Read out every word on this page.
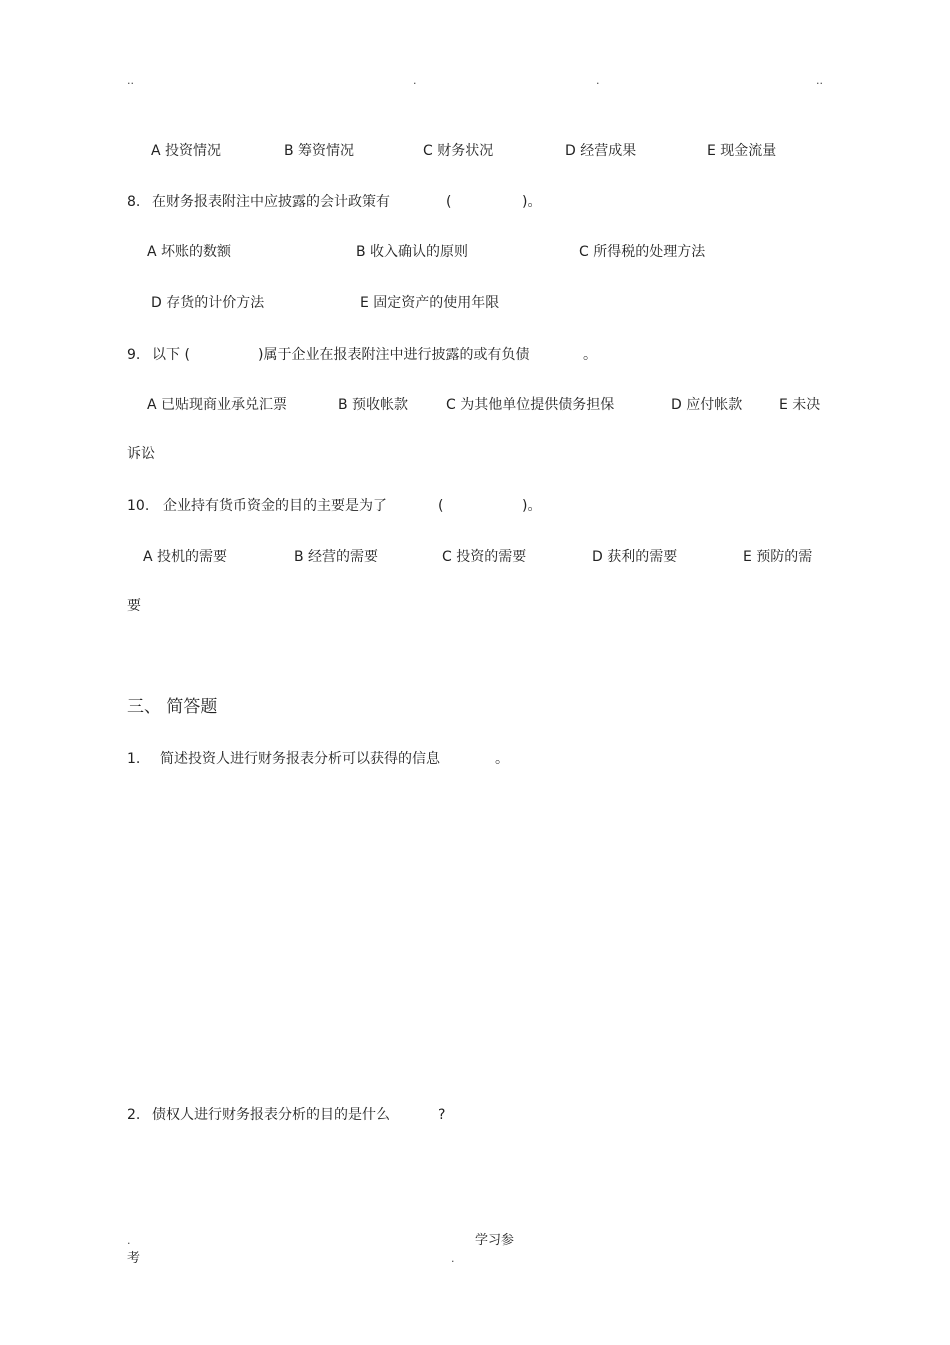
..	.	.	..
A 投资情况	B 筹资情况	C 财务状况	D 经营成果	E 现金流量
8. 在财务报表附注中应披露的会计政策有	(	)。
A 坏账的数额	B 收入确认的原则	C 所得税的处理方法
D 存货的计价方法	E 固定资产的使用年限
9. 以下 (	)属于企业在报表附注中进行披露的或有负债	。
A 已贴现商业承兑汇票	B 预收帐款	C 为其他单位提供债务担保	D 应付帐款	E 未决
诉讼
10. 企业持有货币资金的目的主要是为了	(	)。
A 投机的需要	B 经营的需要	C 投资的需要	D 获利的需要	E 预防的需
要
三、 简答题
1. 简述投资人进行财务报表分析可以获得的信息	。
2. 债权人进行财务报表分析的目的是什么	?
.	学习参
考	.
